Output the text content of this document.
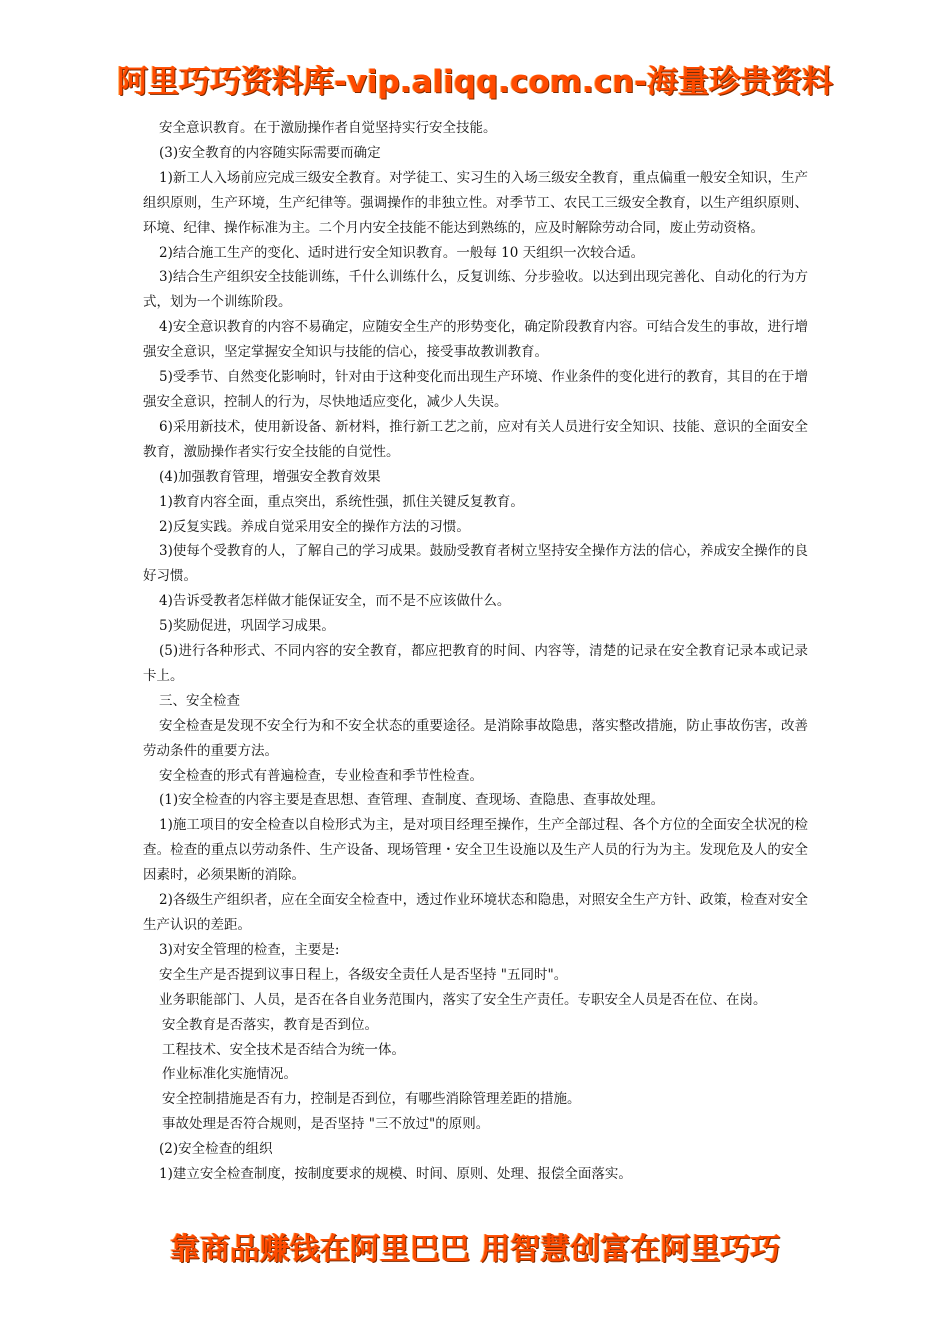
阿里巧巧资料库-vip.aliqq.com.cn-海量珍贵资料

安全意识教育。在于激励操作者自觉坚持实行安全技能。

(3)安全教育的内容随实际需要而确定

1)新工人入场前应完成三级安全教育。对学徒工、实习生的入场三级安全教育，重点偏重一般安全知识，生产组织原则，生产环境，生产纪律等。强调操作的非独立性。对季节工、农民工三级安全教育，以生产组织原则、环境、纪律、操作标准为主。二个月内安全技能不能达到熟练的，应及时解除劳动合同，废止劳动资格。

2)结合施工生产的变化、适时进行安全知识教育。一般每 10 天组织一次较合适。

3)结合生产组织安全技能训练，千什么训练什么，反复训练、分步验收。以达到出现完善化、自动化的行为方式，划为一个训练阶段。

4)安全意识教育的内容不易确定，应随安全生产的形势变化，确定阶段教育内容。可结合发生的事故，进行增强安全意识，坚定掌握安全知识与技能的信心，接受事故教训教育。

5)受季节、自然变化影响时，针对由于这种变化而出现生产环境、作业条件的变化进行的教育，其目的在于增强安全意识，控制人的行为，尽快地适应变化，减少人失误。

6)采用新技术，使用新设备、新材料，推行新工艺之前，应对有关人员进行安全知识、技能、意识的全面安全教育，激励操作者实行安全技能的自觉性。

(4)加强教育管理，增强安全教育效果

1)教育内容全面，重点突出，系统性强，抓住关键反复教育。

2)反复实践。养成自觉采用安全的操作方法的习惯。

3)使每个受教育的人，了解自己的学习成果。鼓励受教育者树立坚持安全操作方法的信心，养成安全操作的良好习惯。

4)告诉受教者怎样做才能保证安全，而不是不应该做什么。

5)奖励促进，巩固学习成果。

(5)进行各种形式、不同内容的安全教育，都应把教育的时间、内容等，清楚的记录在安全教育记录本或记录卡上。

三、安全检查

安全检查是发现不安全行为和不安全状态的重要途径。是消除事故隐患，落实整改措施，防止事故伤害，改善劳动条件的重要方法。

安全检查的形式有普遍检查，专业检查和季节性检查。

(1)安全检查的内容主要是查思想、查管理、查制度、查现场、查隐患、查事故处理。

1)施工项目的安全检查以自检形式为主，是对项目经理至操作，生产全部过程、各个方位的全面安全状况的检查。检查的重点以劳动条件、生产设备、现场管理・安全卫生设施以及生产人员的行为为主。发现危及人的安全因素时，必须果断的消除。

2)各级生产组织者，应在全面安全检查中，透过作业环境状态和隐患，对照安全生产方针、政策，检查对安全生产认识的差距。

3)对安全管理的检查，主要是:

安全生产是否提到议事日程上，各级安全责任人是否坚持 "五同时"。

业务职能部门、人员，是否在各自业务范围内，落实了安全生产责任。专职安全人员是否在位、在岗。

安全教育是否落实，教育是否到位。

工程技术、安全技术是否结合为统一体。

作业标准化实施情况。

安全控制措施是否有力，控制是否到位，有哪些消除管理差距的措施。

事故处理是否符合规则，是否坚持 "三不放过"的原则。

(2)安全检查的组织

1)建立安全检查制度，按制度要求的规模、时间、原则、处理、报偿全面落实。

靠商品赚钱在阿里巴巴 用智慧创富在阿里巧巧
